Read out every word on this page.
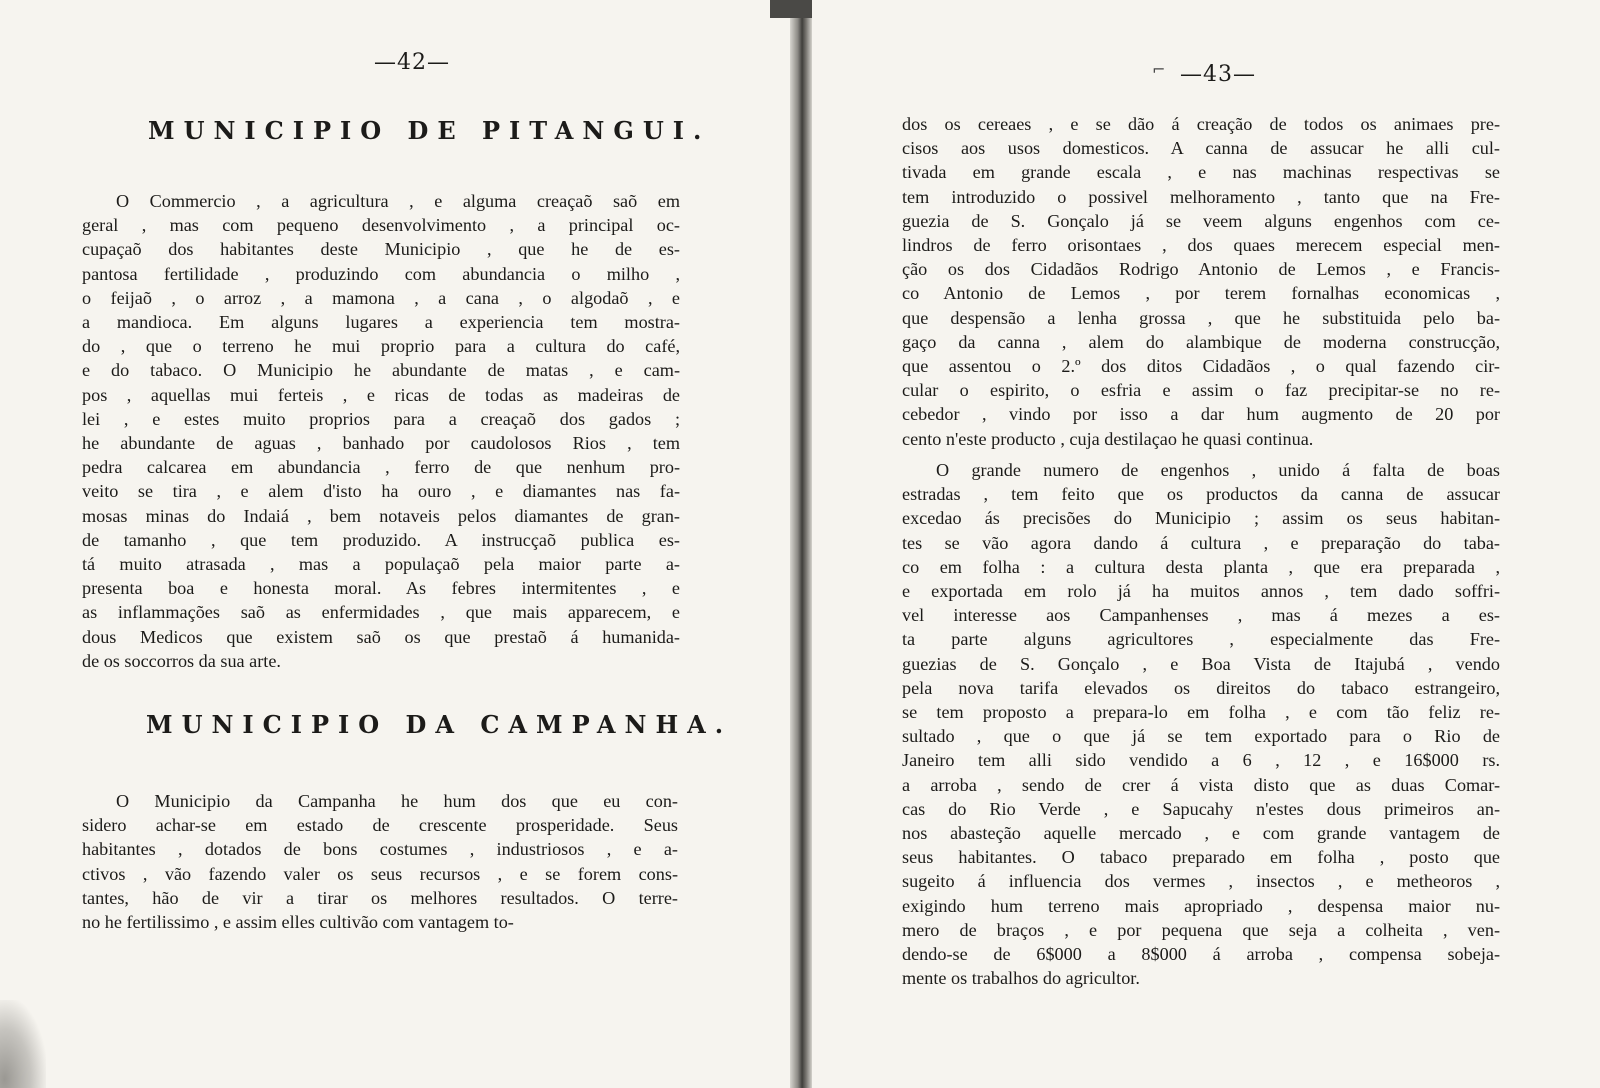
—42—
MUNICIPIO DE PITANGUI.
O Commercio , a agricultura , e alguma creaçaõ saõ em
geral , mas com pequeno desenvolvimento , a principal oc-
cupaçaõ dos habitantes deste Municipio , que he de es-
pantosa fertilidade , produzindo com abundancia o milho ,
o feijaõ , o arroz , a mamona , a cana , o algodaõ , e
a mandioca. Em alguns lugares a experiencia tem mostra-
do , que o terreno he mui proprio para a cultura do café,
e do tabaco. O Municipio he abundante de matas , e cam-
pos , aquellas mui ferteis , e ricas de todas as madeiras de
lei , e estes muito proprios para a creaçaõ dos gados ;
he abundante de aguas , banhado por caudolosos Rios , tem
pedra calcarea em abundancia , ferro de que nenhum pro-
veito se tira , e alem d'isto ha ouro , e diamantes nas fa-
mosas minas do Indaiá , bem notaveis pelos diamantes de gran-
de tamanho , que tem produzido. A instrucçaõ publica es-
tá muito atrasada , mas a populaçaõ pela maior parte a-
presenta boa e honesta moral. As febres intermitentes , e
as inflammações saõ as enfermidades , que mais apparecem, e
dous Medicos que existem saõ os que prestaõ á humanida-
de os soccorros da sua arte.
MUNICIPIO DA CAMPANHA.
O Municipio da Campanha he hum dos que eu con-
sidero achar-se em estado de crescente prosperidade. Seus
habitantes , dotados de bons costumes , industriosos , e a-
ctivos , vão fazendo valer os seus recursos , e se forem cons-
tantes, hão de vir a tirar os melhores resultados. O terre-
no he fertilissimo , e assim elles cultivão com vantagem to-
⌐ —43—
dos os cereaes , e se dão á creação de todos os animaes pre-
cisos aos usos domesticos. A canna de assucar he alli cul-
tivada em grande escala , e nas machinas respectivas se
tem introduzido o possivel melhoramento , tanto que na Fre-
guezia de S. Gonçalo já se veem alguns engenhos com ce-
lindros de ferro orisontaes , dos quaes merecem especial men-
ção os dos Cidadãos Rodrigo Antonio de Lemos , e Francis-
co Antonio de Lemos , por terem fornalhas economicas ,
que despensão a lenha grossa , que he substituida pelo ba-
gaço da canna , alem do alambique de moderna construcção,
que assentou o 2.º dos ditos Cidadãos , o qual fazendo cir-
cular o espirito, o esfria e assim o faz precipitar-se no re-
cebedor , vindo por isso a dar hum augmento de 20 por
cento n'este producto , cuja destilaçao he quasi continua.
O grande numero de engenhos , unido á falta de boas
estradas , tem feito que os productos da canna de assucar
excedao ás precisões do Municipio ; assim os seus habitan-
tes se vão agora dando á cultura , e preparação do taba-
co em folha : a cultura desta planta , que era preparada ,
e exportada em rolo já ha muitos annos , tem dado soffri-
vel interesse aos Campanhenses , mas á mezes a es-
ta parte alguns agricultores , especialmente das Fre-
guezias de S. Gonçalo , e Boa Vista de Itajubá , vendo
pela nova tarifa elevados os direitos do tabaco estrangeiro,
se tem proposto a prepara-lo em folha , e com tão feliz re-
sultado , que o que já se tem exportado para o Rio de
Janeiro tem alli sido vendido a 6 , 12 , e 16$000 rs.
a arroba , sendo de crer á vista disto que as duas Comar-
cas do Rio Verde , e Sapucahy n'estes dous primeiros an-
nos abasteção aquelle mercado , e com grande vantagem de
seus habitantes. O tabaco preparado em folha , posto que
sugeito á influencia dos vermes , insectos , e metheoros ,
exigindo hum terreno mais apropriado , despensa maior nu-
mero de braços , e por pequena que seja a colheita , ven-
dendo-se de 6$000 a 8$000 á arroba , compensa sobeja-
mente os trabalhos do agricultor.
